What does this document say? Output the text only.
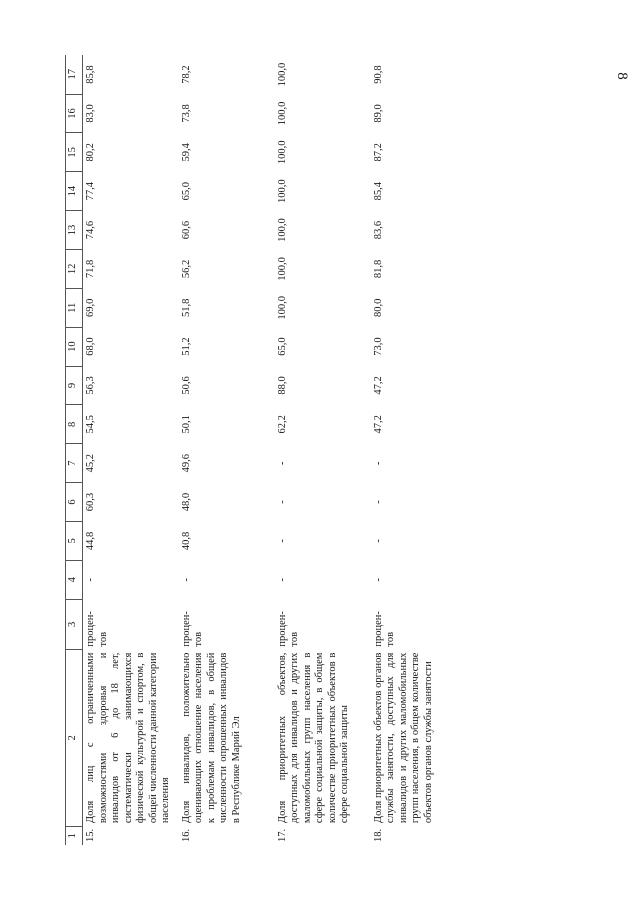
8
1	2	3	4	5	6	7	8	9	10	11	12	13	14	15	16	17
15.	Доля лиц с ограниченными возможностями здоровья и инвалидов от 6 до 18 лет, систематически занимающихся физической культурой и спортом, в общей численности данной категории населения	процен-тов	-	44,8	60,3	45,2	54,5	56,3	68,0	69,0	71,8	74,6	77,4	80,2	83,0	85,8
16.	Доля инвалидов, положительно оценивающих отношение населения к проблемам инвалидов, в общей численности опрошенных инвалидов в Республике Марий Эл	процен-тов	-	40,8	48,0	49,6	50,1	50,6	51,2	51,8	56,2	60,6	65,0	59,4	73,8	78,2
17.	Доля приоритетных объектов, доступных для инвалидов и других маломобильных групп населения в сфере социальной защиты, в общем количестве приоритетных объектов в сфере социальной защиты	процен-тов	-	-	-	-	62,2	88,0	65,0	100,0	100,0	100,0	100,0	100,0	100,0	100,0
18.	Доля приоритетных объектов органов службы занятости, доступных для инвалидов и других маломобильных групп населения, в общем количестве объектов органов службы занятости	процен-тов	-	-	-	-	47,2	47,2	73,0	80,0	81,8	83,6	85,4	87,2	89,0	90,8
